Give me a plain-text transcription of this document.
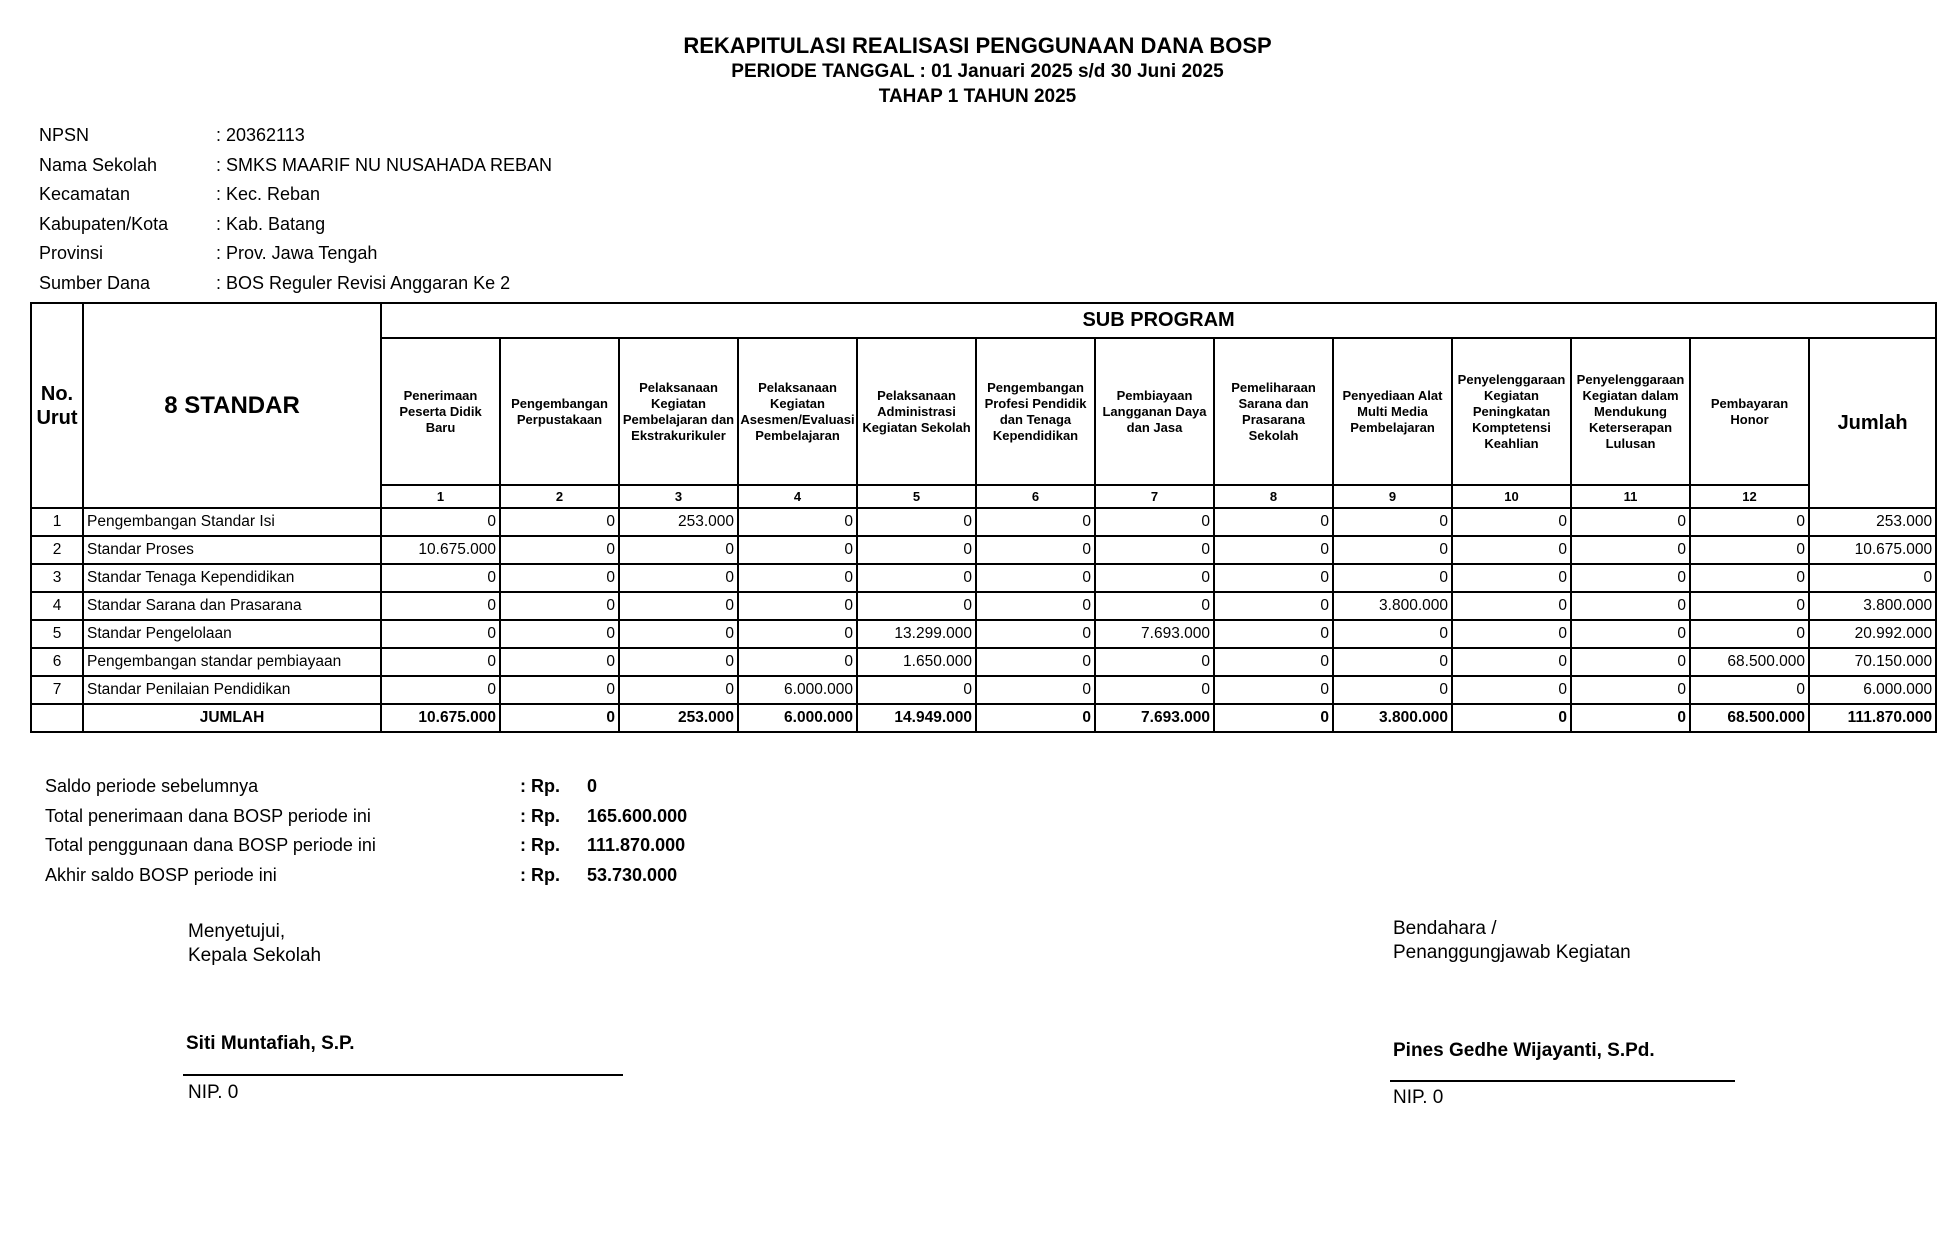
REKAPITULASI REALISASI PENGGUNAAN DANA BOSP
PERIODE TANGGAL : 01 Januari 2025 s/d 30 Juni 2025
TAHAP 1 TAHUN 2025
NPSN	: 20362113
Nama Sekolah	: SMKS MAARIF NU NUSAHADA REBAN
Kecamatan	: Kec. Reban
Kabupaten/Kota	: Kab. Batang
Provinsi	: Prov. Jawa Tengah
Sumber Dana	: BOS Reguler Revisi Anggaran Ke 2
No. Urut	8 STANDAR	SUB PROGRAM												
		Penerimaan Peserta Didik Baru	Pengembangan Perpustakaan	Pelaksanaan Kegiatan Pembelajaran dan Ekstrakurikuler	Pelaksanaan Kegiatan Asesmen/Evaluasi Pembelajaran	Pelaksanaan Administrasi Kegiatan Sekolah	Pengembangan Profesi Pendidik dan Tenaga Kependidikan	Pembiayaan Langganan Daya dan Jasa	Pemeliharaan Sarana dan Prasarana Sekolah	Penyediaan Alat Multi Media Pembelajaran	Penyelenggaraan Kegiatan Peningkatan Komptetensi Keahlian	Penyelenggaraan Kegiatan dalam Mendukung Keterserapan Lulusan	Pembayaran Honor	Jumlah
		1	2	3	4	5	6	7	8	9	10	11	12	
1	Pengembangan Standar Isi	0	0	253.000	0	0	0	0	0	0	0	0	0	253.000
2	Standar Proses	10.675.000	0	0	0	0	0	0	0	0	0	0	0	10.675.000
3	Standar Tenaga Kependidikan	0	0	0	0	0	0	0	0	0	0	0	0	0
4	Standar Sarana dan Prasarana	0	0	0	0	0	0	0	0	3.800.000	0	0	0	3.800.000
5	Standar Pengelolaan	0	0	0	0	13.299.000	0	7.693.000	0	0	0	0	0	20.992.000
6	Pengembangan standar pembiayaan	0	0	0	0	1.650.000	0	0	0	0	0	0	68.500.000	70.150.000
7	Standar Penilaian Pendidikan	0	0	0	6.000.000	0	0	0	0	0	0	0	0	6.000.000
	JUMLAH	10.675.000	0	253.000	6.000.000	14.949.000	0	7.693.000	0	3.800.000	0	0	68.500.000	111.870.000
Saldo periode sebelumnya	: Rp.	0
Total penerimaan dana BOSP periode ini	: Rp.	165.600.000
Total penggunaan dana BOSP periode ini	: Rp.	111.870.000
Akhir saldo BOSP periode ini	: Rp.	53.730.000
Menyetujui,
Kepala Sekolah
Siti Muntafiah, S.P.
NIP. 0
Bendahara /
Penanggungjawab Kegiatan
Pines Gedhe Wijayanti, S.Pd.
NIP. 0
